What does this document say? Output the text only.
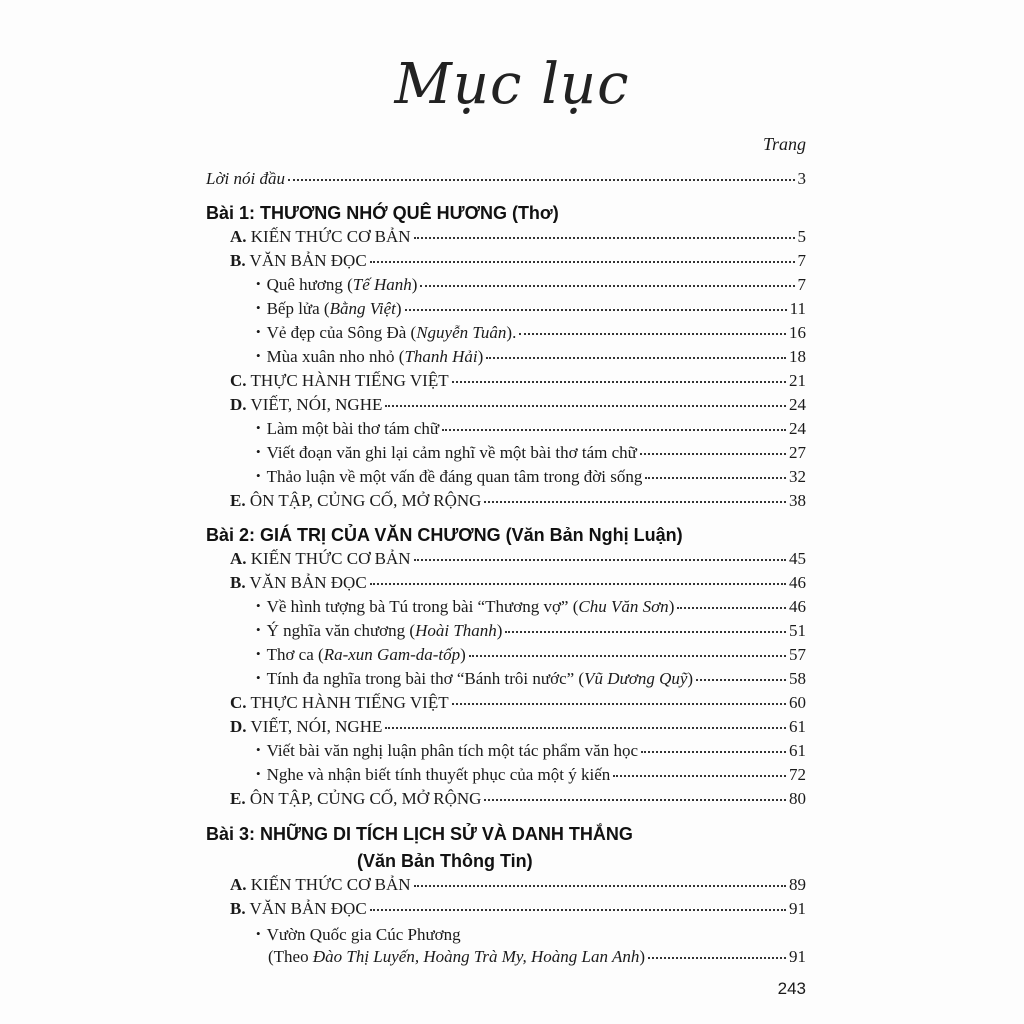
Mục lục
Trang
Lời nói đầu	3
Bài 1: THƯƠNG NHỚ QUÊ HƯƠNG (Thơ)
A. KIẾN THỨC CƠ BẢN	5
B. VĂN BẢN ĐỌC	7
• Quê hương (Tế Hanh)	7
• Bếp lửa (Bằng Việt)	11
• Vẻ đẹp của Sông Đà (Nguyễn Tuân).	16
• Mùa xuân nho nhỏ (Thanh Hải)	18
C. THỰC HÀNH TIẾNG VIỆT	21
D. VIẾT, NÓI, NGHE	24
• Làm một bài thơ tám chữ	24
• Viết đoạn văn ghi lại cảm nghĩ về một bài thơ tám chữ	27
• Thảo luận về một vấn đề đáng quan tâm trong đời sống	32
E. ÔN TẬP, CỦNG CỐ, MỞ RỘNG	38
Bài 2: GIÁ TRỊ CỦA VĂN CHƯƠNG (Văn Bản Nghị Luận)
A. KIẾN THỨC CƠ BẢN	45
B. VĂN BẢN ĐỌC	46
• Về hình tượng bà Tú trong bài “Thương vợ” (Chu Văn Sơn)	46
• Ý nghĩa văn chương (Hoài Thanh)	51
• Thơ ca (Ra-xun Gam-da-tốp)	57
• Tính đa nghĩa trong bài thơ “Bánh trôi nước” (Vũ Dương Quỹ)	58
C. THỰC HÀNH TIẾNG VIỆT	60
D. VIẾT, NÓI, NGHE	61
• Viết bài văn nghị luận phân tích một tác phẩm văn học	61
• Nghe và nhận biết tính thuyết phục của một ý kiến	72
E. ÔN TẬP, CỦNG CỐ, MỞ RỘNG	80
Bài 3: NHỮNG DI TÍCH LỊCH SỬ VÀ DANH THẮNG
(Văn Bản Thông Tin)
A. KIẾN THỨC CƠ BẢN	89
B. VĂN BẢN ĐỌC	91
• Vườn Quốc gia Cúc Phương
(Theo Đào Thị Luyến, Hoàng Trà My, Hoàng Lan Anh)	91
243
